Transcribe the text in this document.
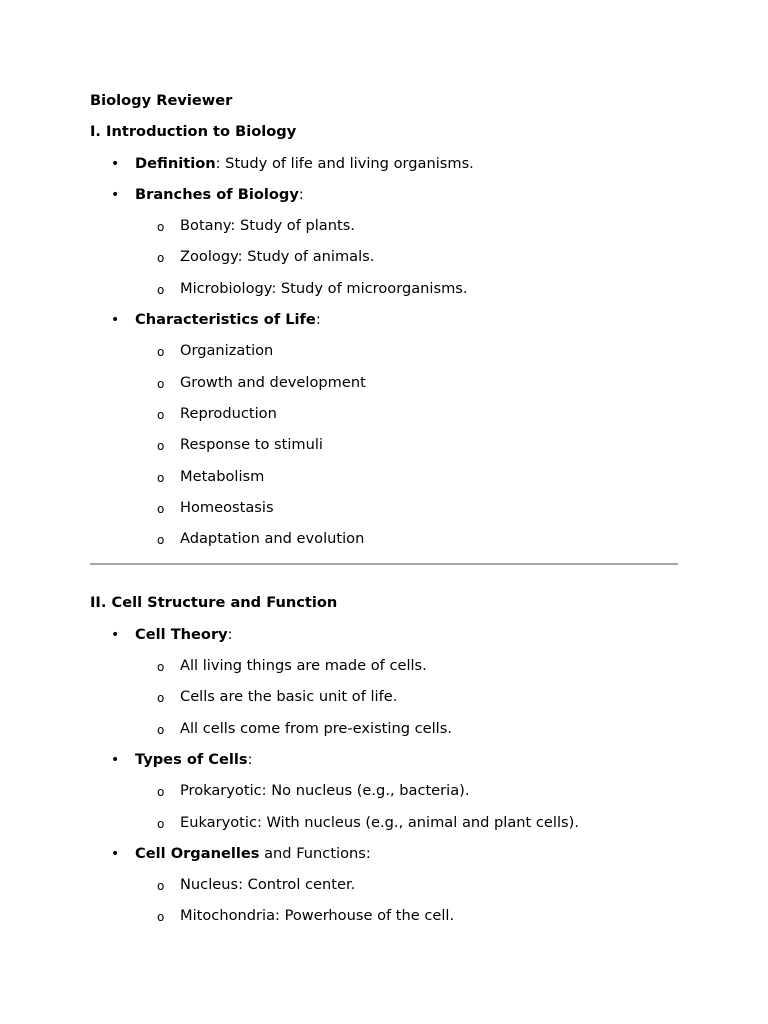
Biology Reviewer
I. Introduction to Biology
• Definition: Study of life and living organisms.
• Branches of Biology:
o Botany: Study of plants.
o Zoology: Study of animals.
o Microbiology: Study of microorganisms.
• Characteristics of Life:
o Organization
o Growth and development
o Reproduction
o Response to stimuli
o Metabolism
o Homeostasis
o Adaptation and evolution
II. Cell Structure and Function
• Cell Theory:
o All living things are made of cells.
o Cells are the basic unit of life.
o All cells come from pre-existing cells.
• Types of Cells:
o Prokaryotic: No nucleus (e.g., bacteria).
o Eukaryotic: With nucleus (e.g., animal and plant cells).
• Cell Organelles and Functions:
o Nucleus: Control center.
o Mitochondria: Powerhouse of the cell.
